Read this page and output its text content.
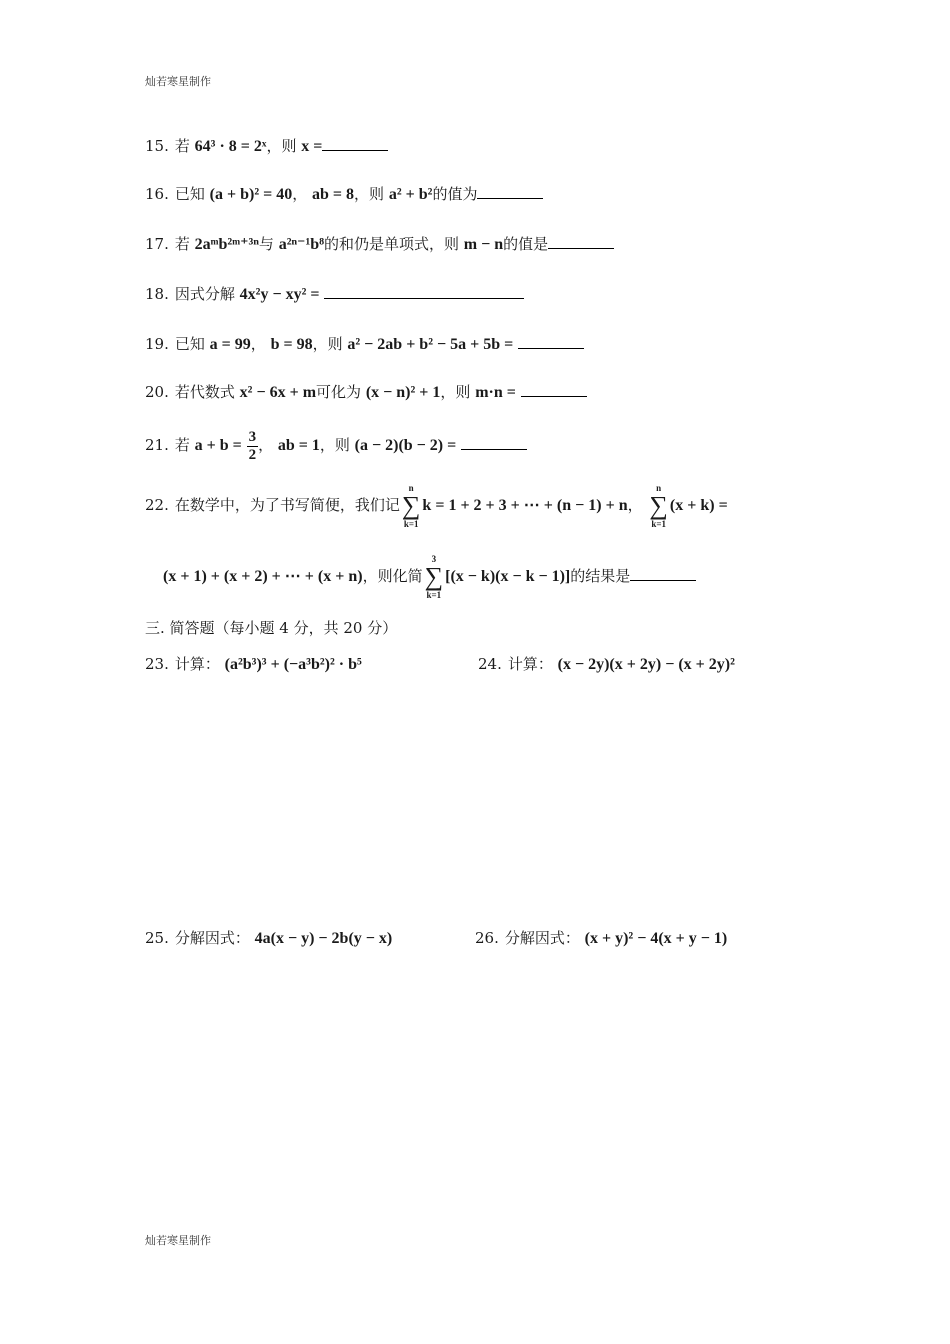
灿若寒星制作
15. 若 64³ · 8 = 2ˣ，则 x =
16. 已知 (a + b)² = 40， ab = 8，则 a² + b²的值为
17. 若 2aᵐb²ᵐ⁺³ⁿ与 a²ⁿ⁻¹b⁸的和仍是单项式，则 m − n的值是
18. 因式分解 4x²y − xy² =
19. 已知 a = 99， b = 98，则 a² − 2ab + b² − 5a + 5b =
20. 若代数式 x² − 6x + m可化为 (x − n)² + 1，则 m·n =
21. 若 $a + b = \frac{3}{2}$ ， ab = 1，则 (a − 2)(b − 2) =
22. 在数学中，为了书写简便，我们记
n
∑
k=1
k = 1 + 2 + 3 + ⋯ + (n − 1) + n，
n
∑
k=1
(x + k) =
(x + 1) + (x + 2) + ⋯ + (x + n)，则化简
3
∑
k=1
[(x − k)(x − k − 1)]的结果是
三. 简答题（每小题 4 分，共 20 分）
23. 计算： (a²b³)³ + (−a³b²)² · b⁵	24. 计算： (x − 2y)(x + 2y) − (x + 2y)²
25. 分解因式： 4a(x − y) − 2b(y − x)	26. 分解因式： (x + y)² − 4(x + y − 1)
灿若寒星制作
